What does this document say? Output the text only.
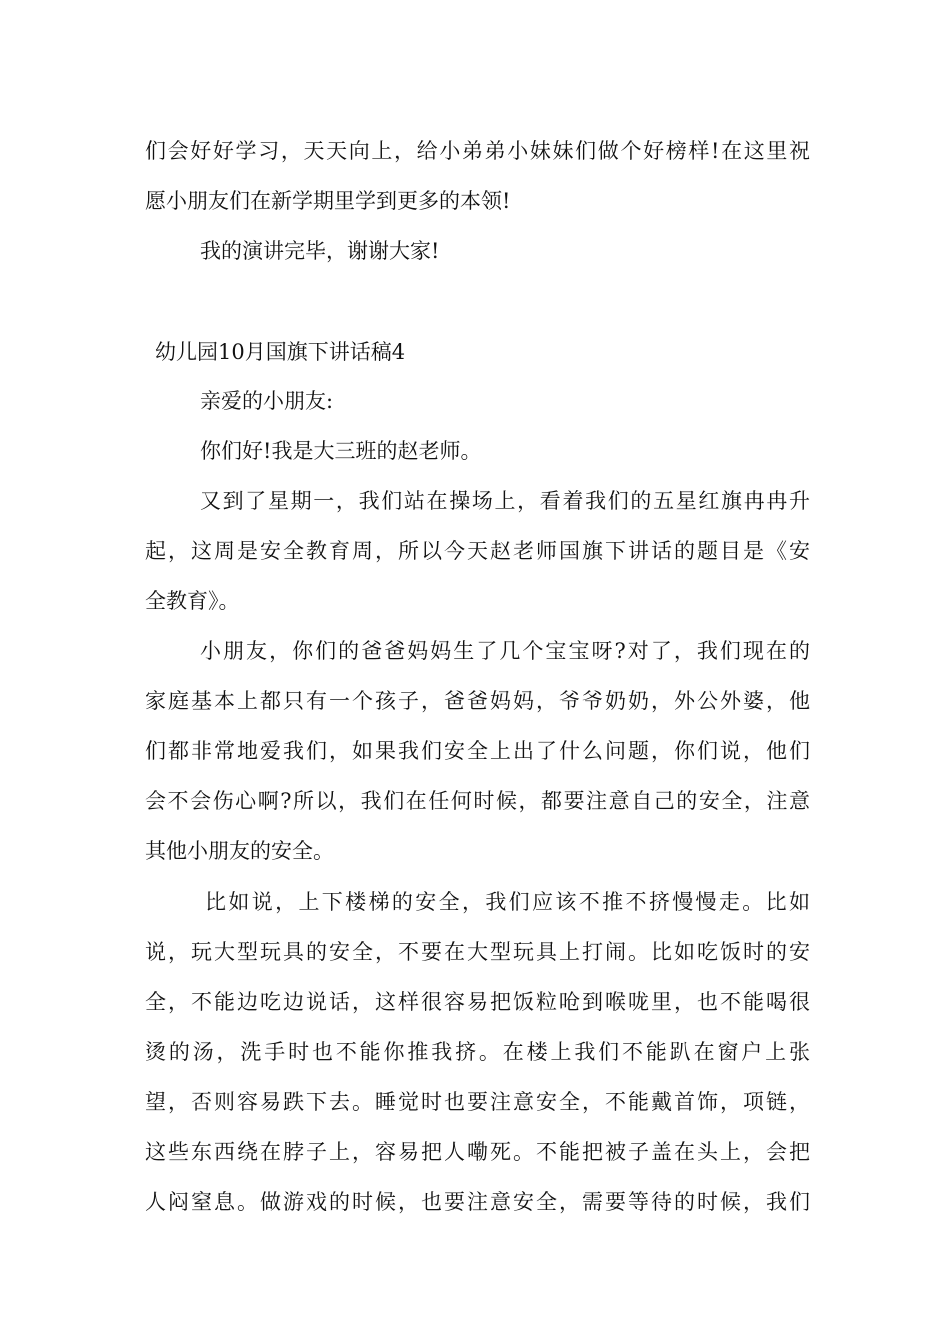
们会好好学习，天天向上，给小弟弟小妹妹们做个好榜样!在这里祝
愿小朋友们在新学期里学到更多的本领!
我的演讲完毕，谢谢大家!
幼儿园10月国旗下讲话稿4
亲爱的小朋友:
你们好!我是大三班的赵老师。
又到了星期一，我们站在操场上，看着我们的五星红旗冉冉升
起，这周是安全教育周，所以今天赵老师国旗下讲话的题目是《安
全教育》。
小朋友，你们的爸爸妈妈生了几个宝宝呀?对了，我们现在的
家庭基本上都只有一个孩子，爸爸妈妈，爷爷奶奶，外公外婆，他
们都非常地爱我们，如果我们安全上出了什么问题，你们说，他们
会不会伤心啊?所以，我们在任何时候，都要注意自己的安全，注意
其他小朋友的安全。
比如说，上下楼梯的安全，我们应该不推不挤慢慢走。比如
说，玩大型玩具的安全，不要在大型玩具上打闹。比如吃饭时的安
全，不能边吃边说话，这样很容易把饭粒呛到喉咙里，也不能喝很
烫的汤，洗手时也不能你推我挤。在楼上我们不能趴在窗户上张
望，否则容易跌下去。睡觉时也要注意安全，不能戴首饰，项链，
这些东西绕在脖子上，容易把人嘞死。不能把被子盖在头上，会把
人闷窒息。做游戏的时候，也要注意安全，需要等待的时候，我们
